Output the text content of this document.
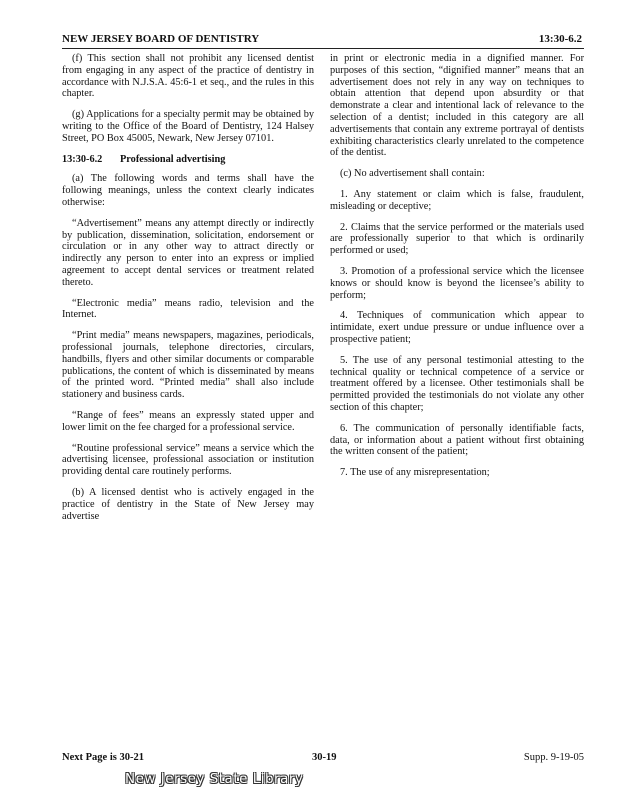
NEW JERSEY BOARD OF DENTISTRY	13:30-6.2

(f) This section shall not prohibit any licensed dentist from engaging in any aspect of the practice of dentistry in accordance with N.J.S.A. 45:6-1 et seq., and the rules in this chapter.

(g) Applications for a specialty permit may be obtained by writing to the Office of the Board of Dentistry, 124 Halsey Street, PO Box 45005, Newark, New Jersey 07101.

13:30-6.2 Professional advertising

(a) The following words and terms shall have the following meanings, unless the context clearly indicates otherwise:

“Advertisement” means any attempt directly or indirectly by publication, dissemination, solicitation, endorsement or circulation or in any other way to attract directly or indirectly any person to enter into an express or implied agreement to accept dental services or treatment related thereto.

“Electronic media” means radio, television and the Internet.

“Print media” means newspapers, magazines, periodicals, professional journals, telephone directories, circulars, handbills, flyers and other similar documents or comparable publications, the content of which is disseminated by means of the printed word. “Printed media” shall also include stationery and business cards.

“Range of fees” means an expressly stated upper and lower limit on the fee charged for a professional service.

“Routine professional service” means a service which the advertising licensee, professional association or institution providing dental care routinely performs.

(b) A licensed dentist who is actively engaged in the practice of dentistry in the State of New Jersey may advertise

in print or electronic media in a dignified manner. For purposes of this section, “dignified manner” means that an advertisement does not rely in any way on techniques to obtain attention that depend upon absurdity or that demonstrate a clear and intentional lack of relevance to the selection of a dentist; included in this category are all advertisements that contain any extreme portrayal of dentists exhibiting characteristics clearly unrelated to the competence of the dentist.

(c) No advertisement shall contain:

1. Any statement or claim which is false, fraudulent, misleading or deceptive;

2. Claims that the service performed or the materials used are professionally superior to that which is ordinarily performed or used;

3. Promotion of a professional service which the licensee knows or should know is beyond the licensee’s ability to perform;

4. Techniques of communication which appear to intimidate, exert undue pressure or undue influence over a prospective patient;

5. The use of any personal testimonial attesting to the technical quality or technical competence of a service or treatment offered by a licensee. Other testimonials shall be permitted provided the testimonials do not violate any other section of this chapter;

6. The communication of personally identifiable facts, data, or information about a patient without first obtaining the written consent of the patient;

7. The use of any misrepresentation;

Next Page is 30-21	30-19	Supp. 9-19-05
New Jersey State Library
